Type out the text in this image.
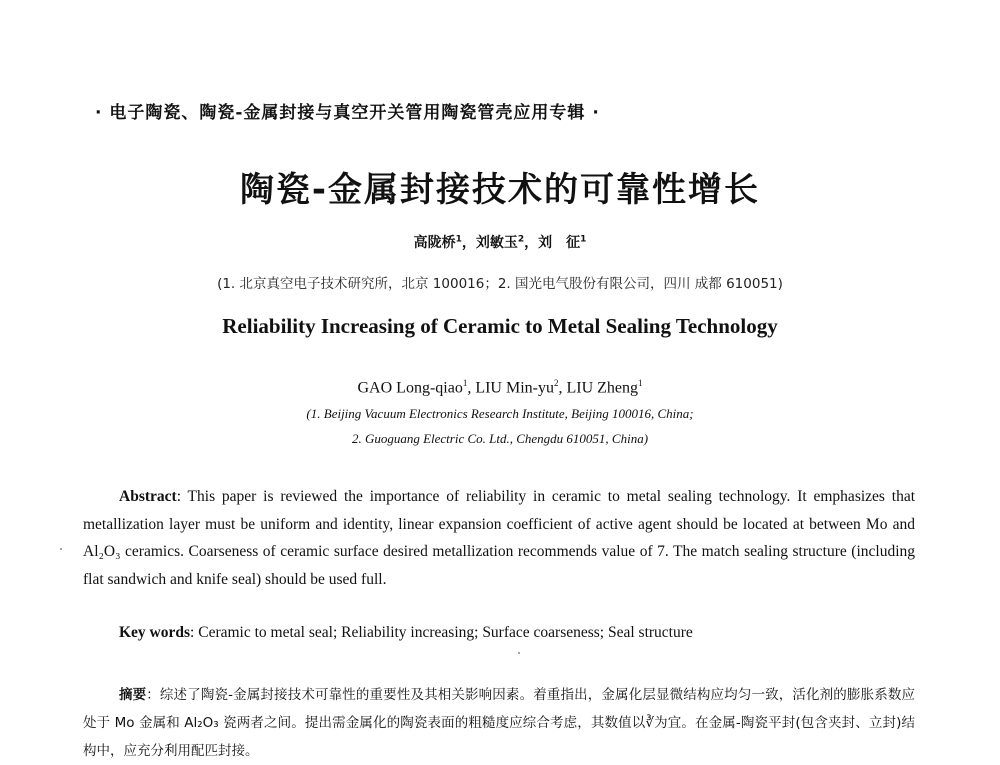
· 电子陶瓷、陶瓷-金属封接与真空开关管用陶瓷管壳应用专辑 ·
陶瓷-金属封接技术的可靠性增长
高陇桥$^1$，刘敏玉$^2$，刘　征$^1$
(1. 北京真空电子技术研究所，北京 100016；2. 国光电气股份有限公司，四川 成都 610051)
Reliability Increasing of Ceramic to Metal Sealing Technology
GAO Long-qiao$^1$, LIU Min-$yu^2$, LIU Zheng$^1$
(1. Beijing Vacuum Electronics Research Institute, Beijing 100016, China;
2. Guoguang Electric Co. Ltd., Chengdu 610051, China)

Abstract: This paper is reviewed the importance of reliability in ceramic to metal sealing technology. It emphasizes that metallization layer must be uniform and identity, linear expansion coefficient of active agent should be located at between Mo and Al₂O₃ ceramics. Coarseness of ceramic surface desired metallization recommends value of 7. The match sealing structure (including flat sandwich and knife seal) should be used full.

Key words: Ceramic to metal seal; Reliability increasing; Surface coarseness; Seal structure

摘要：综述了陶瓷-金属封接技术可靠性的重要性及其相关影响因素。着重指出，金属化层显微结构应均匀一致，活化剂的膨胀系数应处于 Mo 金属和 Al₂O₃ 瓷两者之间。提出需金属化的陶瓷表面的粗糙度应综合考虑，其数值以∛为宜。在金属-陶瓷平封(包含夹封、立封)结构中，应充分利用配匹封接。
